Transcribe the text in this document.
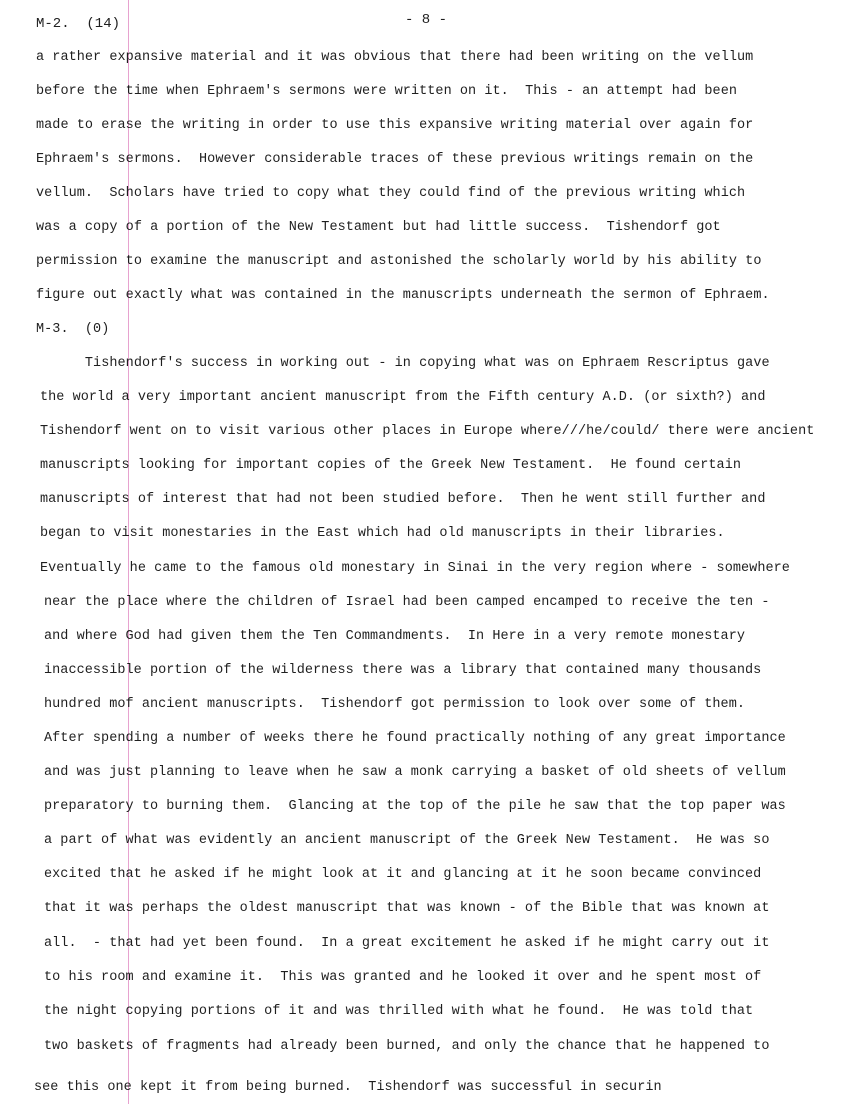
M-2.  (14)	- 8 -
a rather expansive material and it was obvious that there had been writing on the vellum
before the time when Ephraem's sermons were written on it.  This - an attempt had been
made to erase the writing in order to use this expansive writing material over again for
Ephraem's sermons.  However considerable traces of these previous writings remain on the
vellum.  Scholars have tried to copy what they could find of the previous writing which
was a copy of a portion of the New Testament but had little success.  Tishendorf got
permission to examine the manuscript and astonished the scholarly world by his ability to
figure out exactly what was contained in the manuscripts underneath the sermon of Ephraem.
M-3.  (0)
Tishendorf's success in working out - in copying what was on Ephraem Rescriptus gave
the world a very important ancient manuscript from the Fifth century A.D. (or sixth?) and
Tishendorf went on to visit various other places in Europe where///he/could/ there were ancient
manuscripts looking for important copies of the Greek New Testament.  He found certain
manuscripts of interest that had not been studied before.  Then he went still further and
began to visit monestaries in the East which had old manuscripts in their libraries.
Eventually he came to the famous old monestary in Sinai in the very region where - somewhere
near the place where the children of Israel had been camped encamped to receive the ten -
and where God had given them the Ten Commandments.  In Here in a very remote monestary
inaccessible portion of the wilderness there was a library that contained many thousands
hundred mof ancient manuscripts.  Tishendorf got permission to look over some of them.
After spending a number of weeks there he found practically nothing of any great importance
and was just planning to leave when he saw a monk carrying a basket of old sheets of vellum
preparatory to burning them.  Glancing at the top of the pile he saw that the top paper was
a part of what was evidently an ancient manuscript of the Greek New Testament.  He was so
excited that he asked if he might look at it and glancing at it he soon became convinced
that it was perhaps the oldest manuscript that was known - of the Bible that was known at
all.  - that had yet been found.  In a great excitement he asked if he might carry out it
to his room and examine it.  This was granted and he looked it over and he spent most of
the night copying portions of it and was thrilled with what he found.  He was told that
two baskets of fragments had already been burned, and only the chance that he happened to
see this one kept it from being burned.  Tishendorf was successful in securin
